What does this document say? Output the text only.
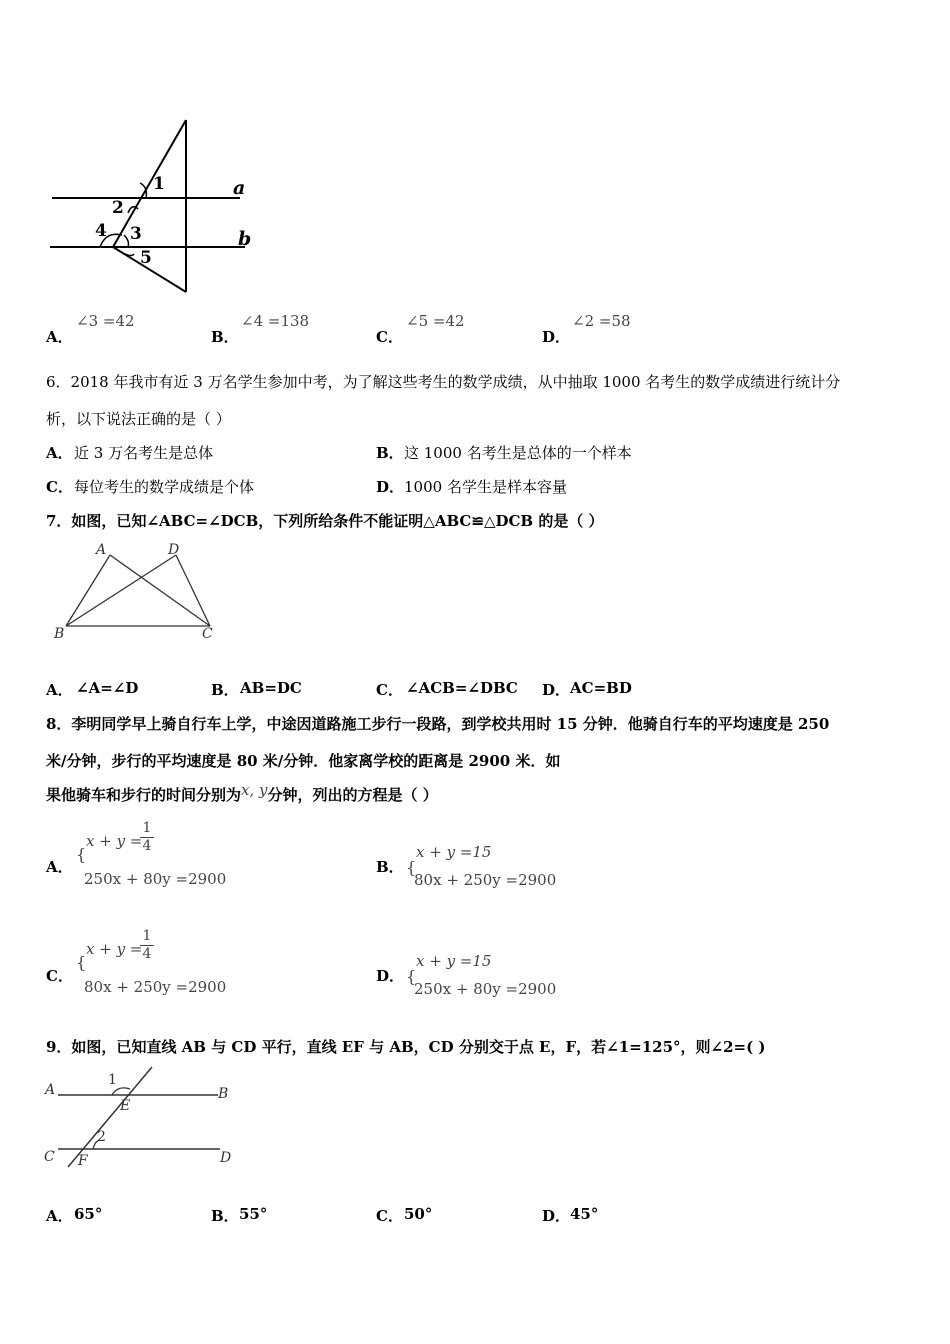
1
2
3
4
5
a
b
A．
∠3 =42
B．
∠4 =138
C．
∠5 =42
D．
∠2 =58
6．2018 年我市有近 3 万名学生参加中考，为了解这些考生的数学成绩，从中抽取 1000 名考生的数学成绩进行统计分
析，以下说法正确的是（ ）
A． 近 3 万名考生是总体	B． 这 1000 名考生是总体的一个样本
C． 每位考生的数学成绩是个体	D． 1000 名学生是样本容量
7．如图，已知∠ABC=∠DCB，下列所给条件不能证明△ABC≌△DCB 的是（ ）
A	D
B	C
A． ∠A=∠D	B． AB=DC	C． ∠ACB=∠DBC D． AC=BD
8．李明同学早上骑自行车上学，中途因道路施工步行一段路，到学校共用时 15 分钟．他骑自行车的平均速度是 250
米/分钟，步行的平均速度是 80 米/分钟．他家离学校的距离是 2900 米．如
果他骑车和步行的时间分别为x, y分钟，列出的方程是（ ）
A．
{
x + y =
$\frac{1}{4}$
250x + 80y =2900
B． {
x + y =15
80x + 250y =2900
C．
{
x + y =
$\frac{1}{4}$
80x + 250y =2900
D． {
x + y =15
250x + 80y =2900
9．如图，已知直线 AB 与 CD 平行，直线 EF 与 AB，CD 分别交于点 E，F，若∠1=125°，则∠2=( )
A	B
C	D
E
F
1
2
A． 65°	B． 55°	C． 50°	D． 45°
